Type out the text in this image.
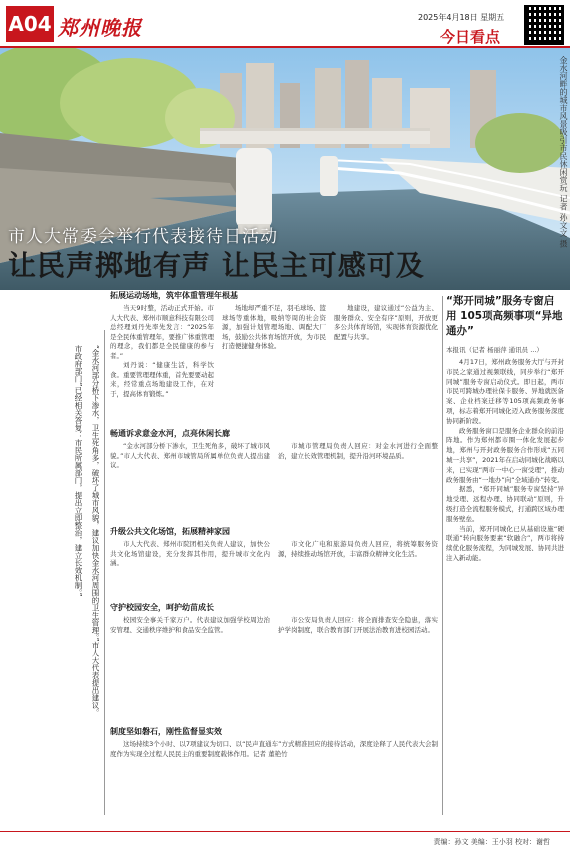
A04 郑州晚报	2025年4月18日 星期五
今日看点
金水河畔的城市风景吸引市民休闲赏玩 记者 孙文文 摄
市人大常委会举行代表接待日活动
让民声掷地有声 让民主可感可及

“金水河部分桥下渗水，卫生死角多，破坏了城市风貌，建议加快金水河周围的卫生管理。”市人大代表提出建议。

市政府部门”已经相关答复：市民所属部门，提出立即整治，建立长效机制。”

拓展运动场地，筑牢体重管理年根基

当天9时整，活动正式开始。市人大代表、郑州市顺意科技有限公司总经理刘丹先率先发言：“2025年是全民体重管理年，要推广体重管理的理念，我们都是全民健康的参与者。”

刘丹说：“健康生活，科学饮食。重要管理理体重，首先要要动起来，经常重点场地建设工作，在对于，提高体育锻炼。”

场地却严重不足，羽毛球场、篮球场等重体地，吸纳等周的社会资源，加强计划管理场地、调配大厂场，鼓励公共体育场馆开放，为市民打造便捷健身体验。

地建设，建议通过“公益为主、服务群众、安全有序”原则，开放更多公共体育场馆，实现体育资源优化配置与共享。

畅通诉求意金水河，点亮休闲长廊

“金水河部分桥下渗水，卫生死角多，破坏了城市风貌。”市人大代表、郑州市城管局所属单位负责人提出建议。

市城市管理局负责人回应：对金水河进行全面整治，建立长效管理机制，提升沿河环境品质。

升级公共文化场馆，拓展精神家园

市人大代表、郑州市院团相关负责人建议，加快公共文化场馆建设，充分发挥其作用，提升城市文化内涵。

市文化广电和旅游局负责人回应，将统筹服务资源，持续推动场馆开放，丰富群众精神文化生活。

守护校园安全，呵护幼苗成长

校园安全事关千家万户。代表建议加强学校周边治安管理、交通秩序维护和食品安全监管。

市公安局负责人回应：将全面排查安全隐患，落实护学岗制度，联合教育部门开展法治教育进校园活动。

制度坚如磐石，刚性监督显实效

这场持续3个小时、以7项建议为切口、以“民声直通车”方式精准回应的接待活动，深度诠释了人民代表大会制度作为实现全过程人民民主的重要制度载体作用。记者 董艳竹

“郑开同城”服务专窗启用 105项高频事项“异地通办”
本报讯（记者 杨丽萍 通讯员 ...）

4月17日，郑州政务服务大厅与开封市民之家通过视频联线，同步举行“郑开同城”服务专窗启动仪式。即日起，两市市民可跨城办理社保卡服务、异地就医备案、企业档案迁移等105项高频政务事项，标志着郑开同城化迈入政务服务深度协同新阶段。

政务服务窗口是服务企业群众的前沿阵地。作为郑州都市圈一体化发展起步地，郑州与开封政务服务合作形成“五同城一共享”，2021年在启动同城化战略以来，已实现“两市一中心一窗受理”，推动政务服务由“一地办”向“全域通办”转变。

据悉，“郑开同城”服务专窗坚持“异地受理、远程办理、协同联动”原则，升级打造全流程服务模式，打通跨区域办理服务壁垒。

当前，郑开同城化已从基础设施“硬联通”转向服务要素“软融合”，两市将持续优化服务流程，为同城发展、协同共进注入新动能。

责编：孙文 美编：王小羽 校对：谢哲
